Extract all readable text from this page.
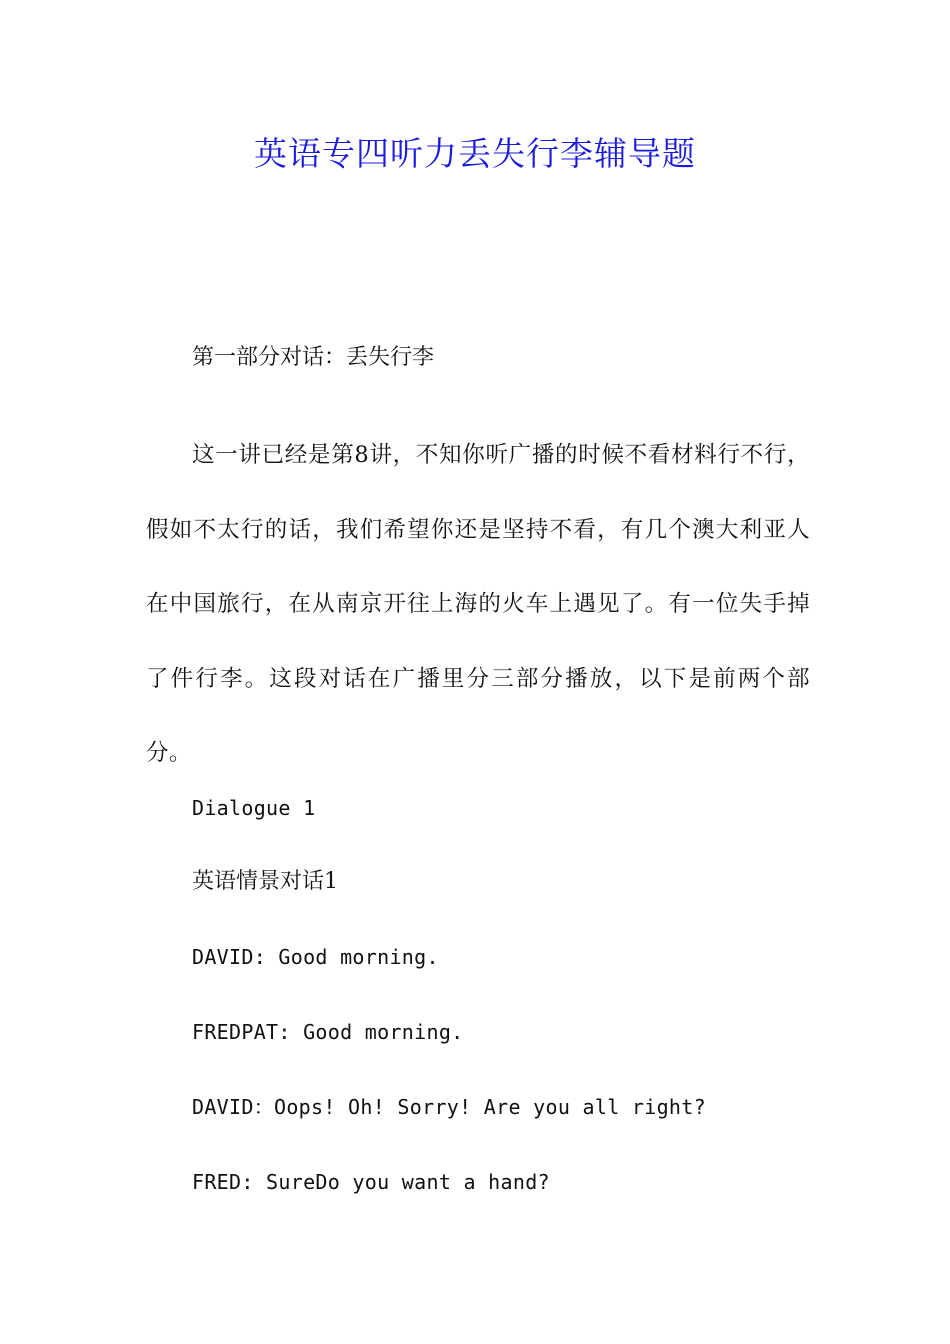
英语专四听力丢失行李辅导题

第一部分对话：丢失行李

这一讲已经是第8讲，不知你听广播的时候不看材料行不行，假如不太行的话，我们希望你还是坚持不看，有几个澳大利亚人在中国旅行，在从南京开往上海的火车上遇见了。有一位失手掉了件行李。这段对话在广播里分三部分播放，以下是前两个部分。

Dialogue 1

英语情景对话1

DAVID: Good morning.

FREDPAT: Good morning.

DAVID：Oops! Oh! Sorry! Are you all right?

FRED: SureDo you want a hand?
